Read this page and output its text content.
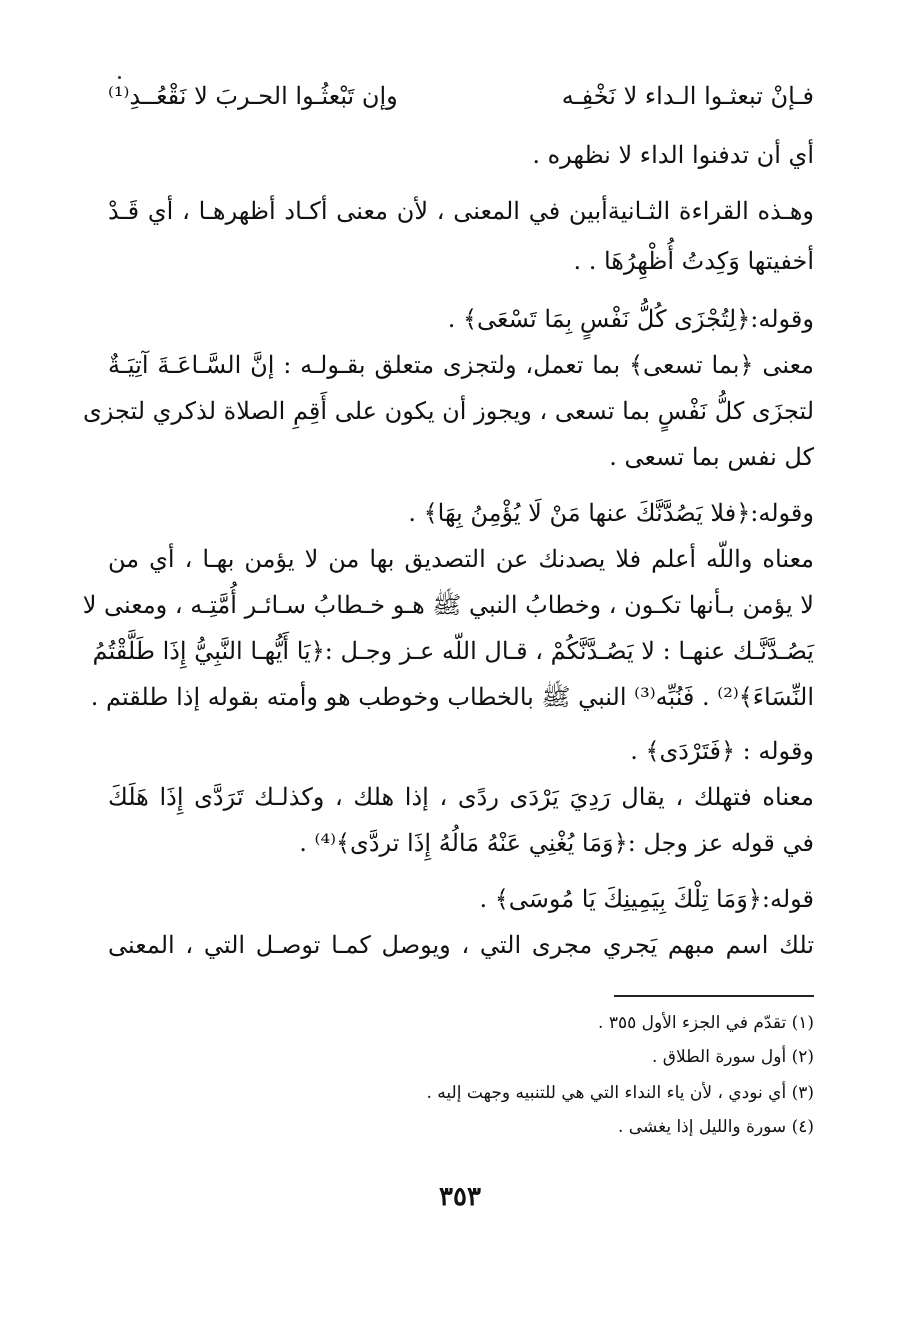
فـإنْ تبعثـوا الـداء لا نَخْفِـه
وإن تَبْعثُـوا الحـربَ لا نَقْعُــدِ⁽¹⁾
أي أن تدفنوا الداء لا نظهره .
وهـذه القراءة الثـانيةأبين في المعنى ، لأن معنى أكـاد أظهرهـا ، أي قَـدْ
أخفيتها وَكِدتُ أُظْهِرُهَا . .
وقوله:﴿لِتُجْزَى كُلُّ نَفْسٍ بِمَا تَسْعَى﴾ .
معنى ﴿بما تسعى﴾ بما تعمل، ولتجزى متعلق بقـولـه : إنَّ السَّـاعَـةَ آتِيَـةٌ
لتجزَى كلُّ نَفْسٍ بما تسعى ، ويجوز أن يكون على أَقِمِ الصلاة لذكري لتجزى
كل نفس بما تسعى .
وقوله:﴿فلا يَصُدَّنَّكَ عنها مَنْ لَا يُؤْمِنُ بِهَا﴾ .
معناه واللّه أعلم فلا يصدنك عن التصديق بها من لا يؤمن بهـا ، أي من
لا يؤمن بـأنها تكـون ، وخطابُ النبي ﷺ هـو خـطابُ سـائـر أُمَّتِـه ، ومعنى لا
يَصُـدَّنَّـك عنهـا : لا يَصُـدَّنَّكُمْ ، قـال اللّه عـز وجـل :﴿يَا أَيُّهـا النَّبِيُّ إِذَا طَلَّقْتُمُ
النِّسَاءَ﴾⁽²⁾ . فَنُبِّه⁽³⁾ النبي ﷺ بالخطاب وخوطب هو وأمته بقوله إذا طلقتم .
وقوله : ﴿فَتَرْدَى﴾ .
معناه فتهلك ، يقال رَدِيَ يَرْدَى ردًى ، إذا هلك ، وكذلـك تَرَدَّى إِذَا هَلَكَ
في قوله عز وجل :﴿وَمَا يُغْنِي عَنْهُ مَالُهُ إِذَا تردَّى﴾⁽⁴⁾ .
قوله:﴿وَمَا تِلْكَ بِيَمِينِكَ يَا مُوسَى﴾ .
تلك اسم مبهم يَجري مجرى التي ، ويوصل كمـا توصـل التي ، المعنى
(١) تقدّم في الجزء الأول ٣٥٥ .
(٢) أول سورة الطلاق .
(٣) أي نودي ، لأن ياء النداء التي هي للتنبيه وجهت إليه .
(٤) سورة والليل إذا يغشى .
٣٥٣
